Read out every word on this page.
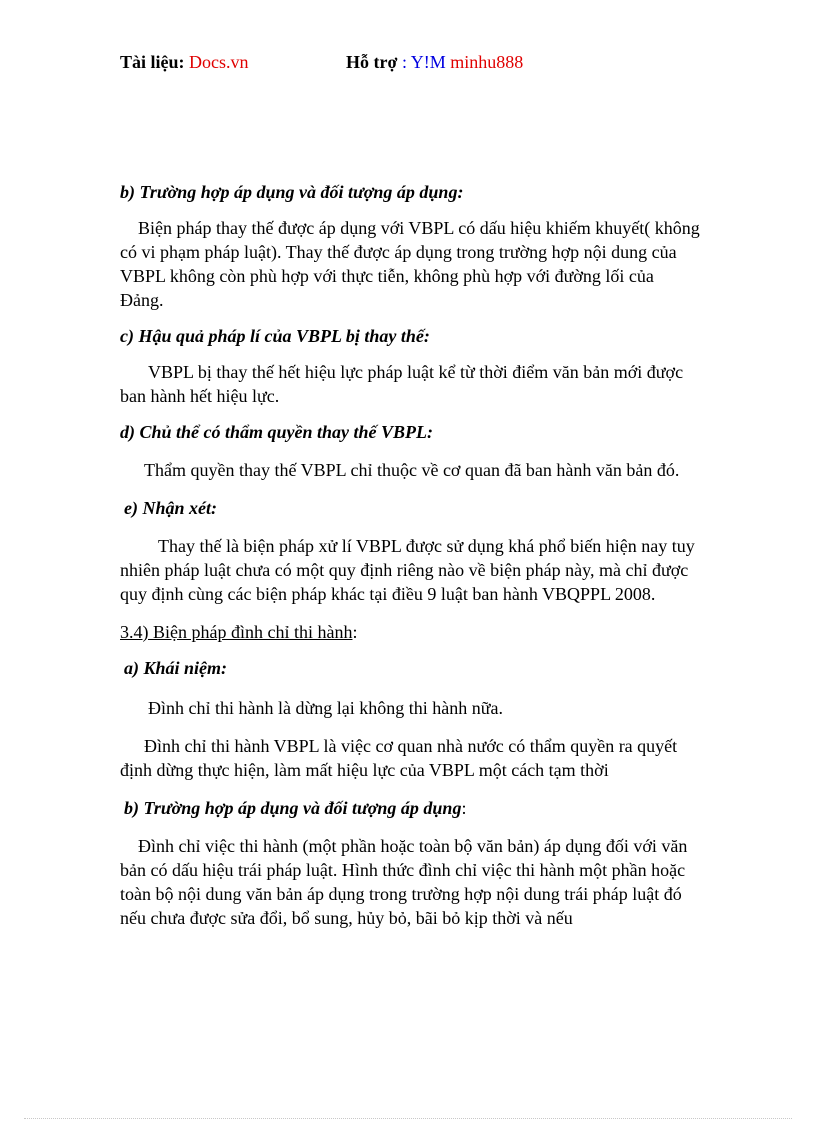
Tài liệu: Docs.vn	Hỗ trợ : Y!M minhu888

b) Trường hợp áp dụng và đối tượng áp dụng:

Biện pháp thay thế được áp dụng với VBPL có dấu hiệu khiếm khuyết( không có vi phạm pháp luật). Thay thế được áp dụng trong trường hợp nội dung của VBPL không còn phù hợp với thực tiễn, không phù hợp với đường lối của Đảng.

c) Hậu quả pháp lí của VBPL bị thay thế:

VBPL bị thay thế hết hiệu lực pháp luật kể từ thời điểm văn bản mới được ban hành hết hiệu lực.

d) Chủ thể có thẩm quyền thay thế VBPL:

Thẩm quyền thay thế VBPL chỉ thuộc về cơ quan đã ban hành văn bản đó.

e) Nhận xét:

Thay thế là biện pháp xử lí VBPL được sử dụng khá phổ biến hiện nay tuy nhiên pháp luật chưa có một quy định riêng nào về biện pháp này, mà chỉ được quy định cùng các biện pháp khác tại điều 9 luật ban hành VBQPPL 2008.

3.4) Biện pháp đình chỉ thi hành:

a) Khái niệm:

Đình chỉ thi hành là dừng lại không thi hành nữa.

Đình chỉ thi hành VBPL là việc cơ quan nhà nước có thẩm quyền ra quyết định dừng thực hiện, làm mất hiệu lực của VBPL một cách tạm thời

b) Trường hợp áp dụng và đối tượng áp dụng:

Đình chỉ việc thi hành (một phần hoặc toàn bộ văn bản) áp dụng đối với văn bản có dấu hiệu trái pháp luật. Hình thức đình chỉ việc thi hành một phần hoặc toàn bộ nội dung văn bản áp dụng trong trường hợp nội dung trái pháp luật đó nếu chưa được sửa đổi, bổ sung, hủy bỏ, bãi bỏ kịp thời và nếu
